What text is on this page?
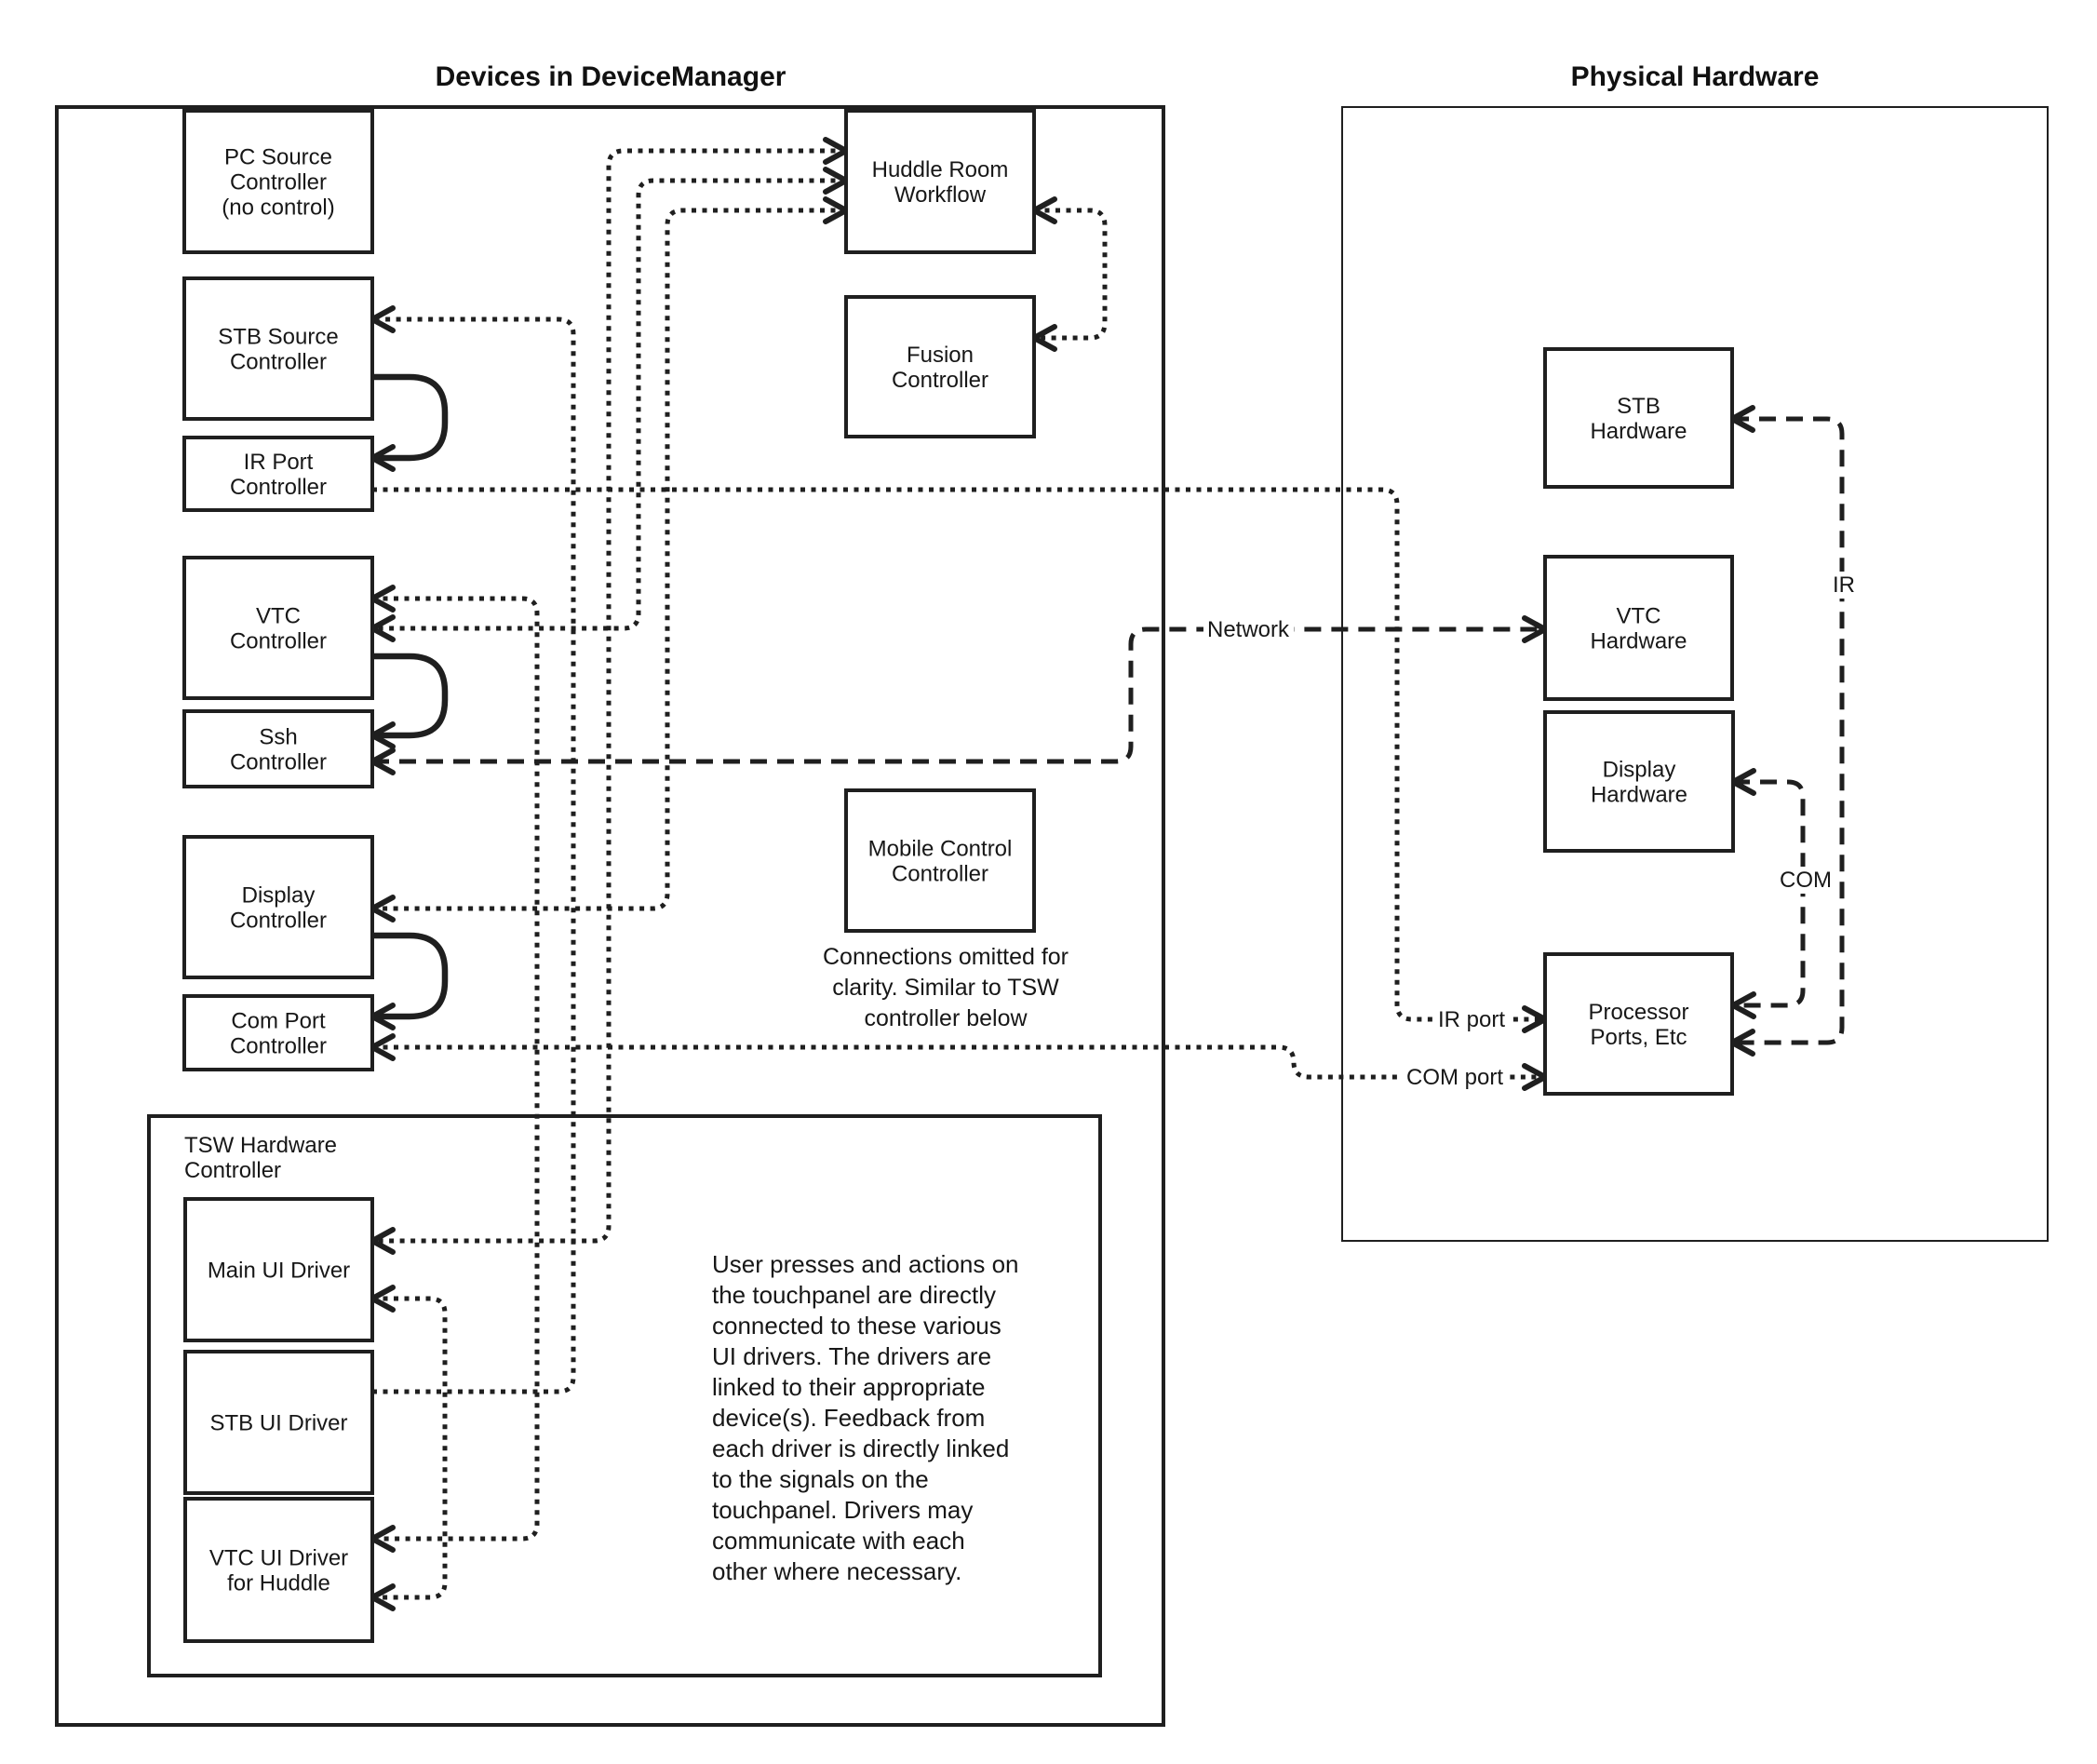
PC Source Controller (no control)
STB Source Controller
IR Port Controller
VTC Controller
Ssh Controller
Display Controller
Com Port Controller
Huddle Room Workflow
Fusion Controller
Mobile Control Controller
Main UI Driver
STB UI Driver
VTC UI Driver for Huddle
STB Hardware
VTC Hardware
Display Hardware
Processor Ports, Etc
TSW Hardware Controller
Connections omitted for clarity. Similar to TSW controller below
User presses and actions on the touchpanel are directly connected to these various UI drivers. The drivers are linked to their appropriate device(s). Feedback from each driver is directly linked to the signals on the touchpanel. Drivers may communicate with each other where necessary.
Network
IR
COM
IR port
COM port
Devices in DeviceManager	Physical Hardware
